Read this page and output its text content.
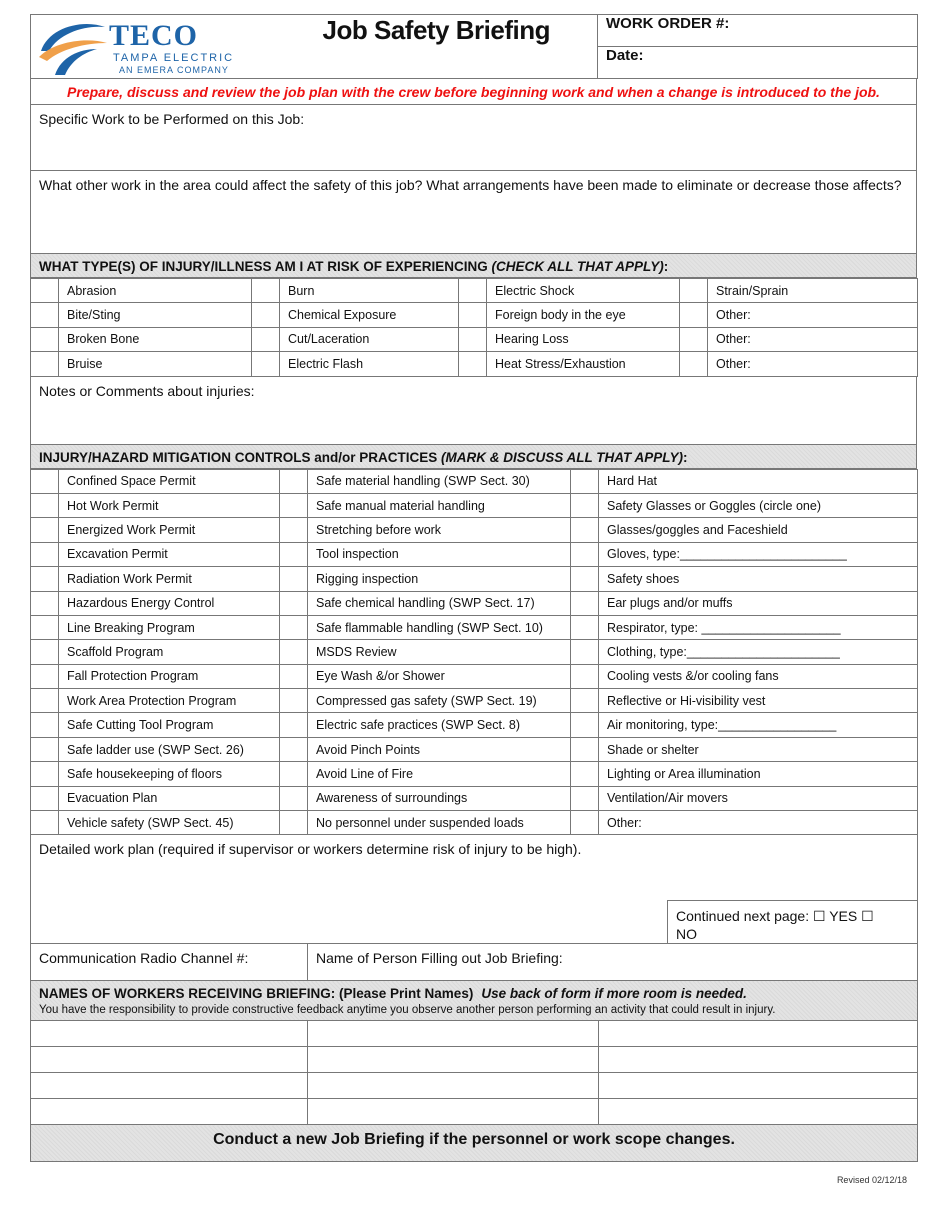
TECO
TAMPA ELECTRIC
AN EMERA COMPANY
	Job Safety Briefing	WORK ORDER #:
Date:
Prepare, discuss and review the job plan with the crew before beginning work and when a change is introduced to the job.
Specific Work to be Performed on this Job:
What other work in the area could affect the safety of this job? What arrangements have been made to eliminate or decrease those affects?
WHAT TYPE(S) OF INJURY/ILLNESS AM I AT RISK OF EXPERIENCING (CHECK ALL THAT APPLY):
	Abrasion		Burn		Electric Shock		Strain/Sprain
	Bite/Sting		Chemical Exposure		Foreign body in the eye		Other:
	Broken Bone		Cut/Laceration		Hearing Loss		Other:
	Bruise		Electric Flash		Heat Stress/Exhaustion		Other:
Notes or Comments about injuries:
INJURY/HAZARD MITIGATION CONTROLS and/or PRACTICES (MARK & DISCUSS ALL THAT APPLY):
	Confined Space Permit		Safe material handling (SWP Sect. 30)		Hard Hat
	Hot Work Permit		Safe manual material handling		Safety Glasses or Goggles (circle one)
	Energized Work Permit		Stretching before work		Glasses/goggles and Faceshield
	Excavation Permit		Tool inspection		Gloves, type:________________________
	Radiation Work Permit		Rigging inspection		Safety shoes
	Hazardous Energy Control		Safe chemical handling (SWP Sect. 17)		Ear plugs and/or muffs
	Line Breaking Program		Safe flammable handling (SWP Sect. 10)		Respirator, type: ____________________
	Scaffold Program		MSDS Review		Clothing, type:______________________
	Fall Protection Program		Eye Wash &/or Shower		Cooling vests &/or cooling fans
	Work Area Protection Program		Compressed gas safety (SWP Sect. 19)		Reflective or Hi-visibility vest
	Safe Cutting Tool Program		Electric safe practices (SWP Sect. 8)		Air monitoring, type:_________________
	Safe ladder use (SWP Sect. 26)		Avoid Pinch Points		Shade or shelter
	Safe housekeeping of floors		Avoid Line of Fire		Lighting or Area illumination
	Evacuation Plan		Awareness of surroundings		Ventilation/Air movers
	Vehicle safety (SWP Sect. 45)		No personnel under suspended loads		Other:
Detailed work plan (required if supervisor or workers determine risk of injury to be high).		
		Continued next page: ☐ YES ☐
NO
Communication Radio Channel #:	Name of Person Filling out Job Briefing:	

NAMES OF WORKERS RECEIVING BRIEFING: (Please Print Names) Use back of form if more room is needed.
You have the responsibility to provide constructive feedback anytime you observe another person performing an activity that could result in injury.		

Conduct a new Job Briefing if the personnel or work scope changes.		
Revised 02/12/18
